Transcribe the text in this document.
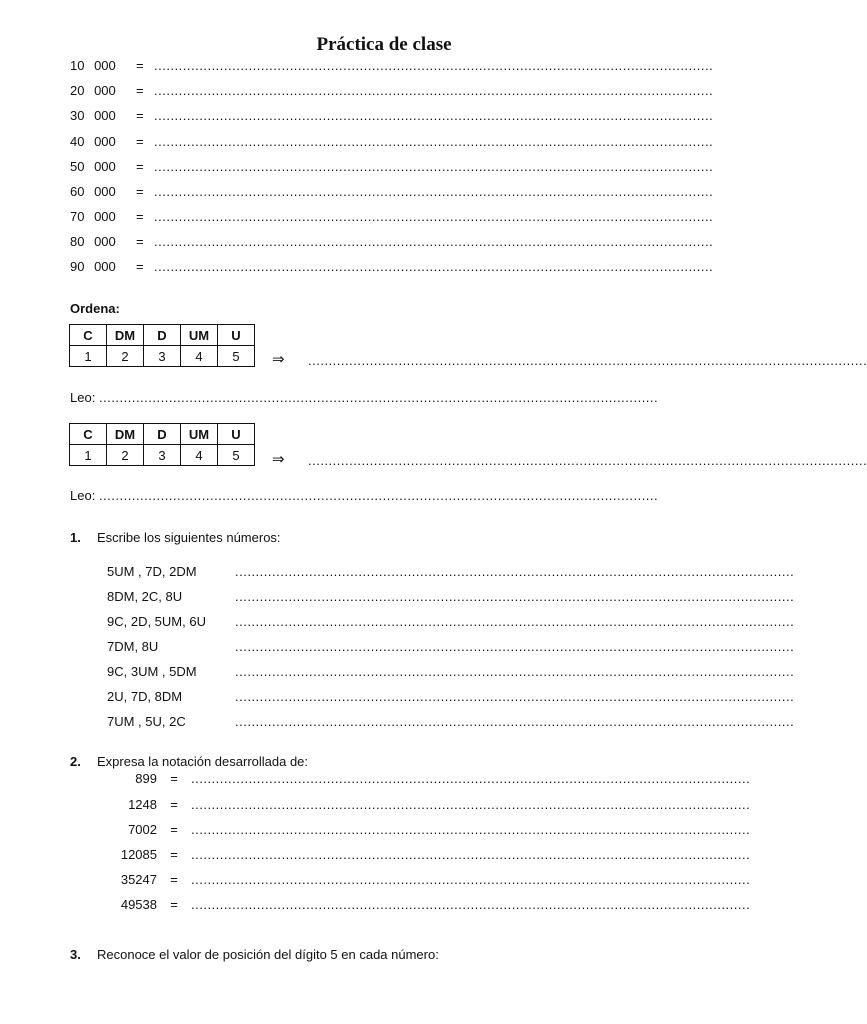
Práctica de clase
10 000 = ........................................................................................................................................
20 000 = ........................................................................................................................................
30 000 = ........................................................................................................................................
40 000 = ........................................................................................................................................
50 000 = ........................................................................................................................................
60 000 = ........................................................................................................................................
70 000 = ........................................................................................................................................
80 000 = ........................................................................................................................................
90 000 = ........................................................................................................................................
Ordena:
C	DM	D	UM	U
1	2	3	4	5 ⇒ ........................................................................................................................................
Leo: ........................................................................................................................................
C	DM	D	UM	U
1	2	3	4	5 ⇒ ........................................................................................................................................
Leo: ........................................................................................................................................
1. Escribe los siguientes números:
5UM , 7D, 2DM	........................................................................................................................................
8DM, 2C, 8U	........................................................................................................................................
9C, 2D, 5UM, 6U ........................................................................................................................................
7DM, 8U	........................................................................................................................................
9C, 3UM , 5DM	........................................................................................................................................
2U, 7D, 8DM	........................................................................................................................................
7UM , 5U, 2C	........................................................................................................................................
2. Expresa la notación desarrollada de:
899 = ........................................................................................................................................
1248 = ........................................................................................................................................
7002 = ........................................................................................................................................
12085 = ........................................................................................................................................
35247 = ........................................................................................................................................
49538 = ........................................................................................................................................
3. Reconoce el valor de posición del dígito 5 en cada número:
